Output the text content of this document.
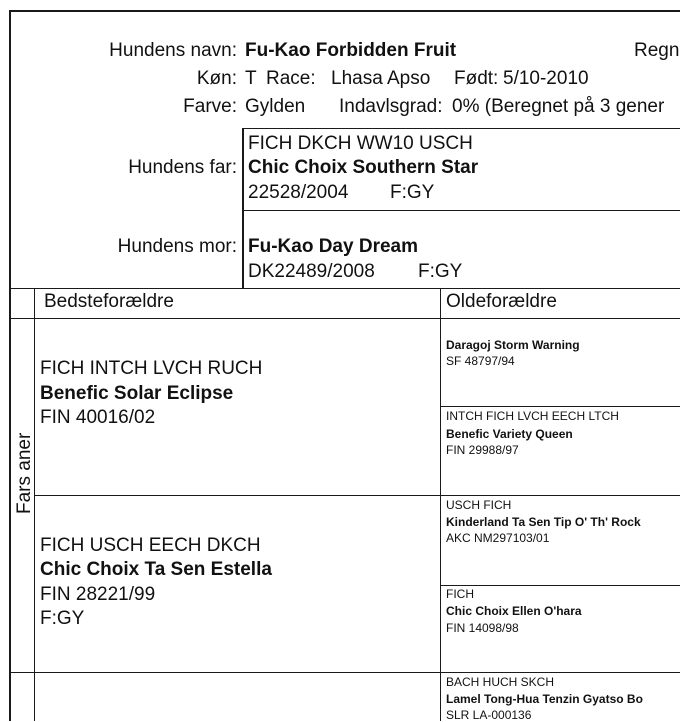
Hundens navn: Fu-Kao Forbidden Fruit	Regn
Køn: T Race: Lhasa Apso Født: 5/10-2010
Farve: Gylden Indavlsgrad: 0% (Beregnet på 3 gener
Hundens far:
FICH DKCH WW10 USCH
Chic Choix Southern Star
22528/2004 F:GY
Hundens mor: Fu-Kao Day Dream
DK22489/2008 F:GY
Bedsteforældre	Oldeforældre
Fars aner
FICH INTCH LVCH RUCH
Benefic Solar Eclipse
FIN 40016/02
FICH USCH EECH DKCH
Chic Choix Ta Sen Estella
FIN 28221/99
F:GY
Daragoj Storm Warning
SF 48797/94
INTCH FICH LVCH EECH LTCH
Benefic Variety Queen
FIN 29988/97
USCH FICH
Kinderland Ta Sen Tip O' Th' Rock
AKC NM297103/01
FICH
Chic Choix Ellen O'hara
FIN 14098/98
BACH HUCH SKCH
Lamel Tong-Hua Tenzin Gyatso Bo
SLR LA-000136
